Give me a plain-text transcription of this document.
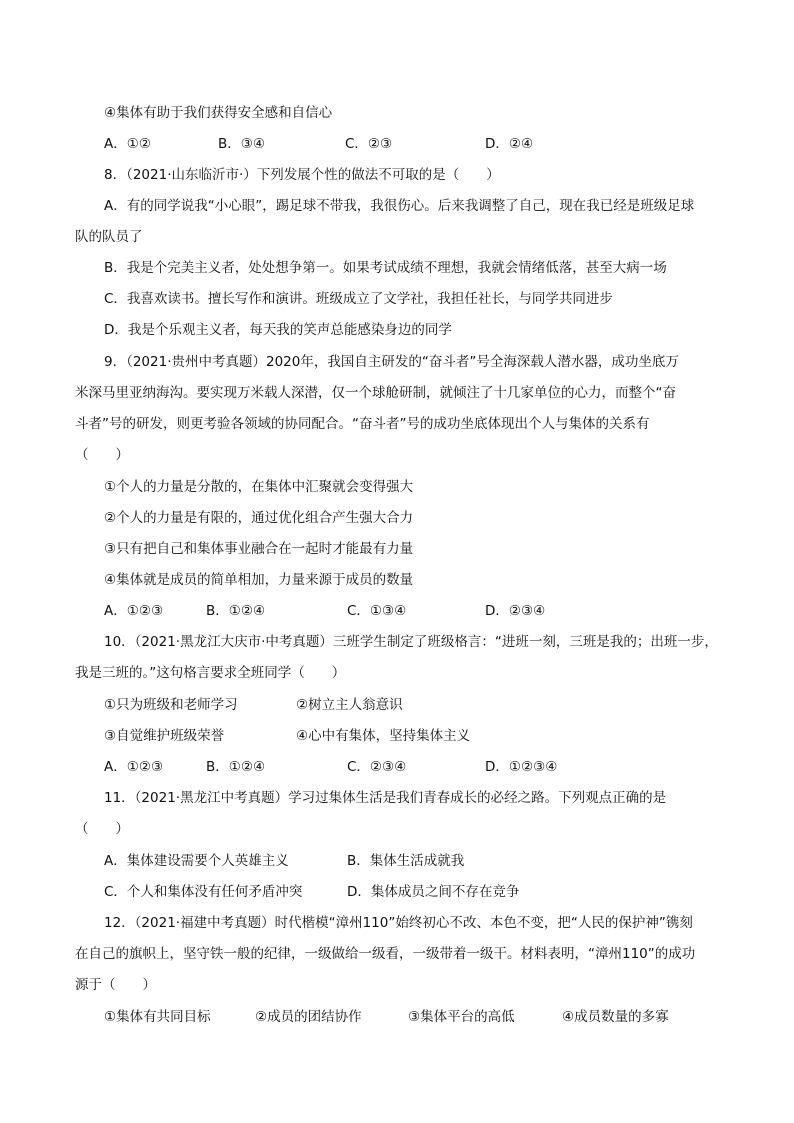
④集体有助于我们获得安全感和自信心
A．①②	B．③④	C．②③	D．②④
8．（2021·山东临沂市·）下列发展个性的做法不可取的是（　　）
A．有的同学说我“小心眼”，踢足球不带我，我很伤心。后来我调整了自己，现在我已经是班级足球
队的队员了
B．我是个完美主义者，处处想争第一。如果考试成绩不理想，我就会情绪低落，甚至大病一场
C．我喜欢读书。擅长写作和演讲。班级成立了文学社，我担任社长，与同学共同进步
D．我是个乐观主义者，每天我的笑声总能感染身边的同学
9．（2021·贵州中考真题）2020年，我国自主研发的“奋斗者”号全海深载人潜水器，成功坐底万
米深马里亚纳海沟。要实现万米载人深潜，仅一个球舱研制，就倾注了十几家单位的心力，而整个“奋
斗者”号的研发，则更考验各领域的协同配合。“奋斗者”号的成功坐底体现出个人与集体的关系有
（　　）
①个人的力量是分散的，在集体中汇聚就会变得强大
②个人的力量是有限的，通过优化组合产生强大合力
③只有把自己和集体事业融合在一起时才能最有力量
④集体就是成员的简单相加，力量来源于成员的数量
A．①②③	B．①②④	C．①③④	D．②③④
10．（2021·黑龙江大庆市·中考真题）三班学生制定了班级格言：“进班一刻，三班是我的；出班一步，
我是三班的。”这句格言要求全班同学（　　）
①只为班级和老师学习	②树立主人翁意识
③自觉维护班级荣誉	④心中有集体，坚持集体主义
A．①②③	B．①②④	C．②③④	D．①②③④
11．（2021·黑龙江中考真题）学习过集体生活是我们青春成长的必经之路。下列观点正确的是
（　　）
A．集体建设需要个人英雄主义	B．集体生活成就我
C．个人和集体没有任何矛盾冲突	D．集体成员之间不存在竞争
12．（2021·福建中考真题）时代楷模“漳州110”始终初心不改、本色不变，把“人民的保护神”镌刻
在自己的旗帜上，坚守铁一般的纪律，一级做给一级看，一级带着一级干。材料表明，“漳州110”的成功
源于（　　）
①集体有共同目标	②成员的团结协作	③集体平台的高低	④成员数量的多寡
